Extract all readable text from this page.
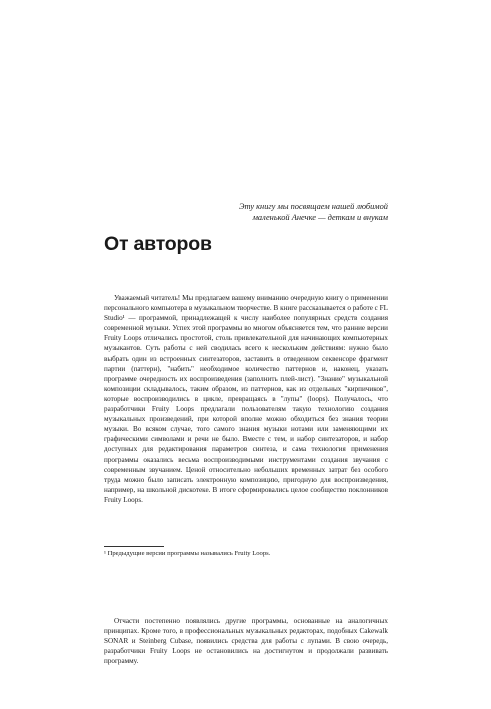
Эту книгу мы посвящаем нашей любимой
маленькой Анечке — деткам и внукам
От авторов

Уважаемый читатель! Мы предлагаем вашему вниманию очередную книгу о применении персонального компьютера в музыкальном творчестве. В книге рассказывается о работе с FL Studio¹ — программой, принадлежащей к числу наиболее популярных средств создания современной музыки. Успех этой программы во многом объясняется тем, что ранние версии Fruity Loops отличались простотой, столь привлекательной для начинающих компьютерных музыкантов. Суть работы с ней сводилась всего к нескольким действиям: нужно было выбрать один из встроенных синтезаторов, заставить в отведенном секвенсоре фрагмент партии (паттерн), "набить" необходимое количество паттернов и, наконец, указать программе очередность их воспроизведения (заполнить плей-лист). "Знание" музыкальной композиции складывалось, таким образом, из паттернов, как из отдельных "кирпичиков", которые воспроизводились в цикле, превращаясь в "лупы" (loops). Получалось, что разработчики Fruity Loops предлагали пользователям такую технологию создания музыкальных произведений, при которой вполне можно обходиться без знания теории музыки. Во всяком случае, того самого знания музыки нотами или заменяющими их графическими символами и речи не было. Вместе с тем, и набор синтезаторов, и набор доступных для редактирования параметров синтеза, и сама технология применения программы оказались весьма воспроизводимыми инструментами создания звучания с современным звучанием. Ценой относительно небольших временных затрат без особого труда можно было записать электронную композицию, пригодную для воспроизведения, например, на школьной дискотеке. В итоге сформировались целое сообщество поклонников Fruity Loops.

¹ Предыдущие версии программы назывались Fruity Loops.

Отчасти постепенно появлялись другие программы, основанные на аналогичных принципах. Кроме того, в профессиональных музыкальных редакторах, подобных Cakewalk SONAR и Steinberg Cubase, появились средства для работы с лупами. В свою очередь, разработчики Fruity Loops не остановились на достигнутом и продолжали развивать программу.
